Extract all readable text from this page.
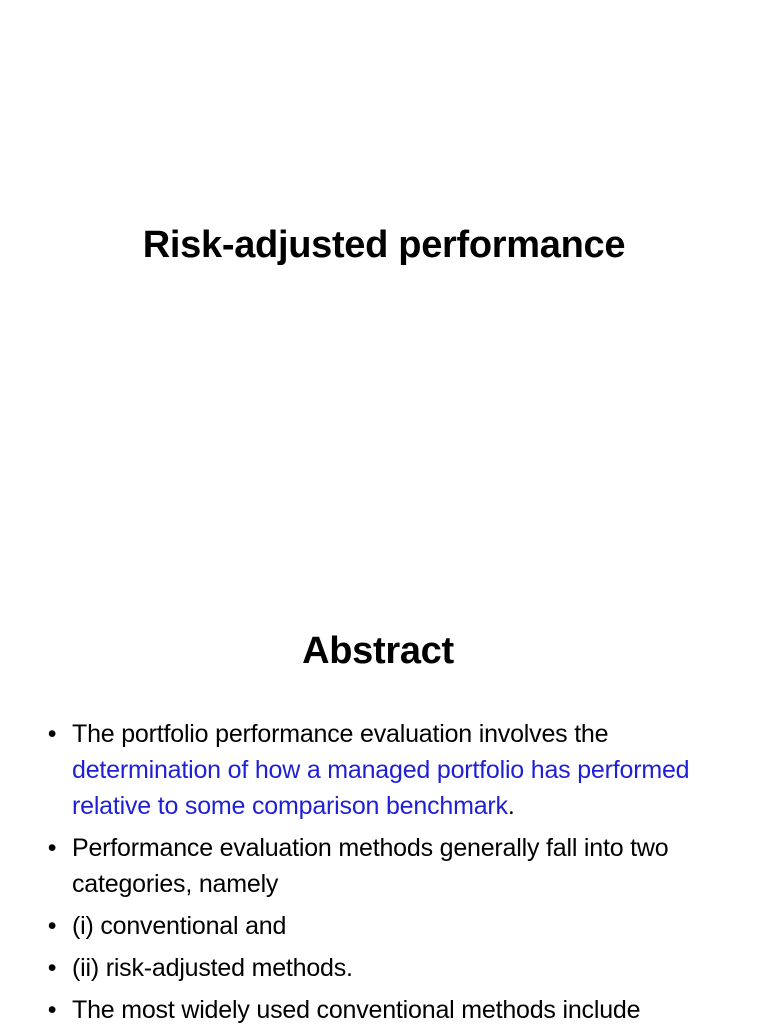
Risk-adjusted performance
Abstract
• The portfolio performance evaluation involves the determination of how a managed portfolio has performed relative to some comparison benchmark.
• Performance evaluation methods generally fall into two categories, namely
• (i) conventional and
• (ii) risk-adjusted methods.
• The most widely used conventional methods include
